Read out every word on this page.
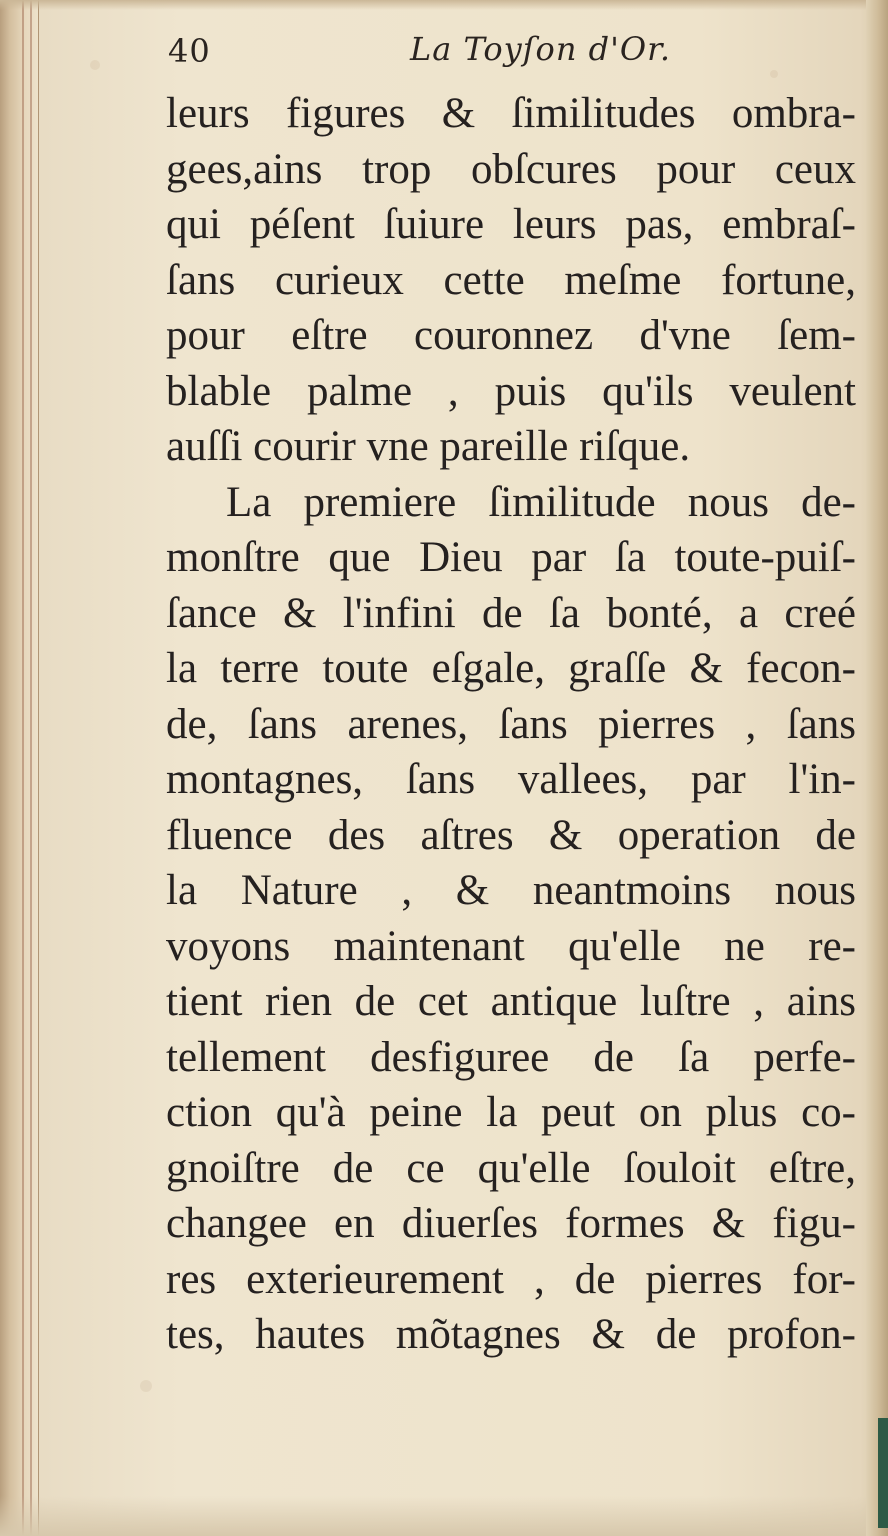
40	La Toyſon d'Or.
leurs figures & ſimilitudes ombra-
gees,ains trop obſcures pour ceux
qui péſent ſuiure leurs pas, embraſ-
ſans curieux cette meſme fortune,
pour eſtre couronnez d'vne ſem-
blable palme , puis qu'ils veulent
auſſi courir vne pareille riſque.
La premiere ſimilitude nous de-
monſtre que Dieu par ſa toute-puiſ-
ſance & l'infini de ſa bonté, a creé
la terre toute eſgale, graſſe & fecon-
de, ſans arenes, ſans pierres , ſans
montagnes, ſans vallees, par l'in-
fluence des aſtres & operation de
la Nature , & neantmoins nous
voyons maintenant qu'elle ne re-
tient rien de cet antique luſtre , ains
tellement desfiguree de ſa perfe-
ction qu'à peine la peut on plus co-
gnoiſtre de ce qu'elle ſouloit eſtre,
changee en diuerſes formes & figu-
res exterieurement , de pierres for-
tes, hautes mõtagnes & de profon-
